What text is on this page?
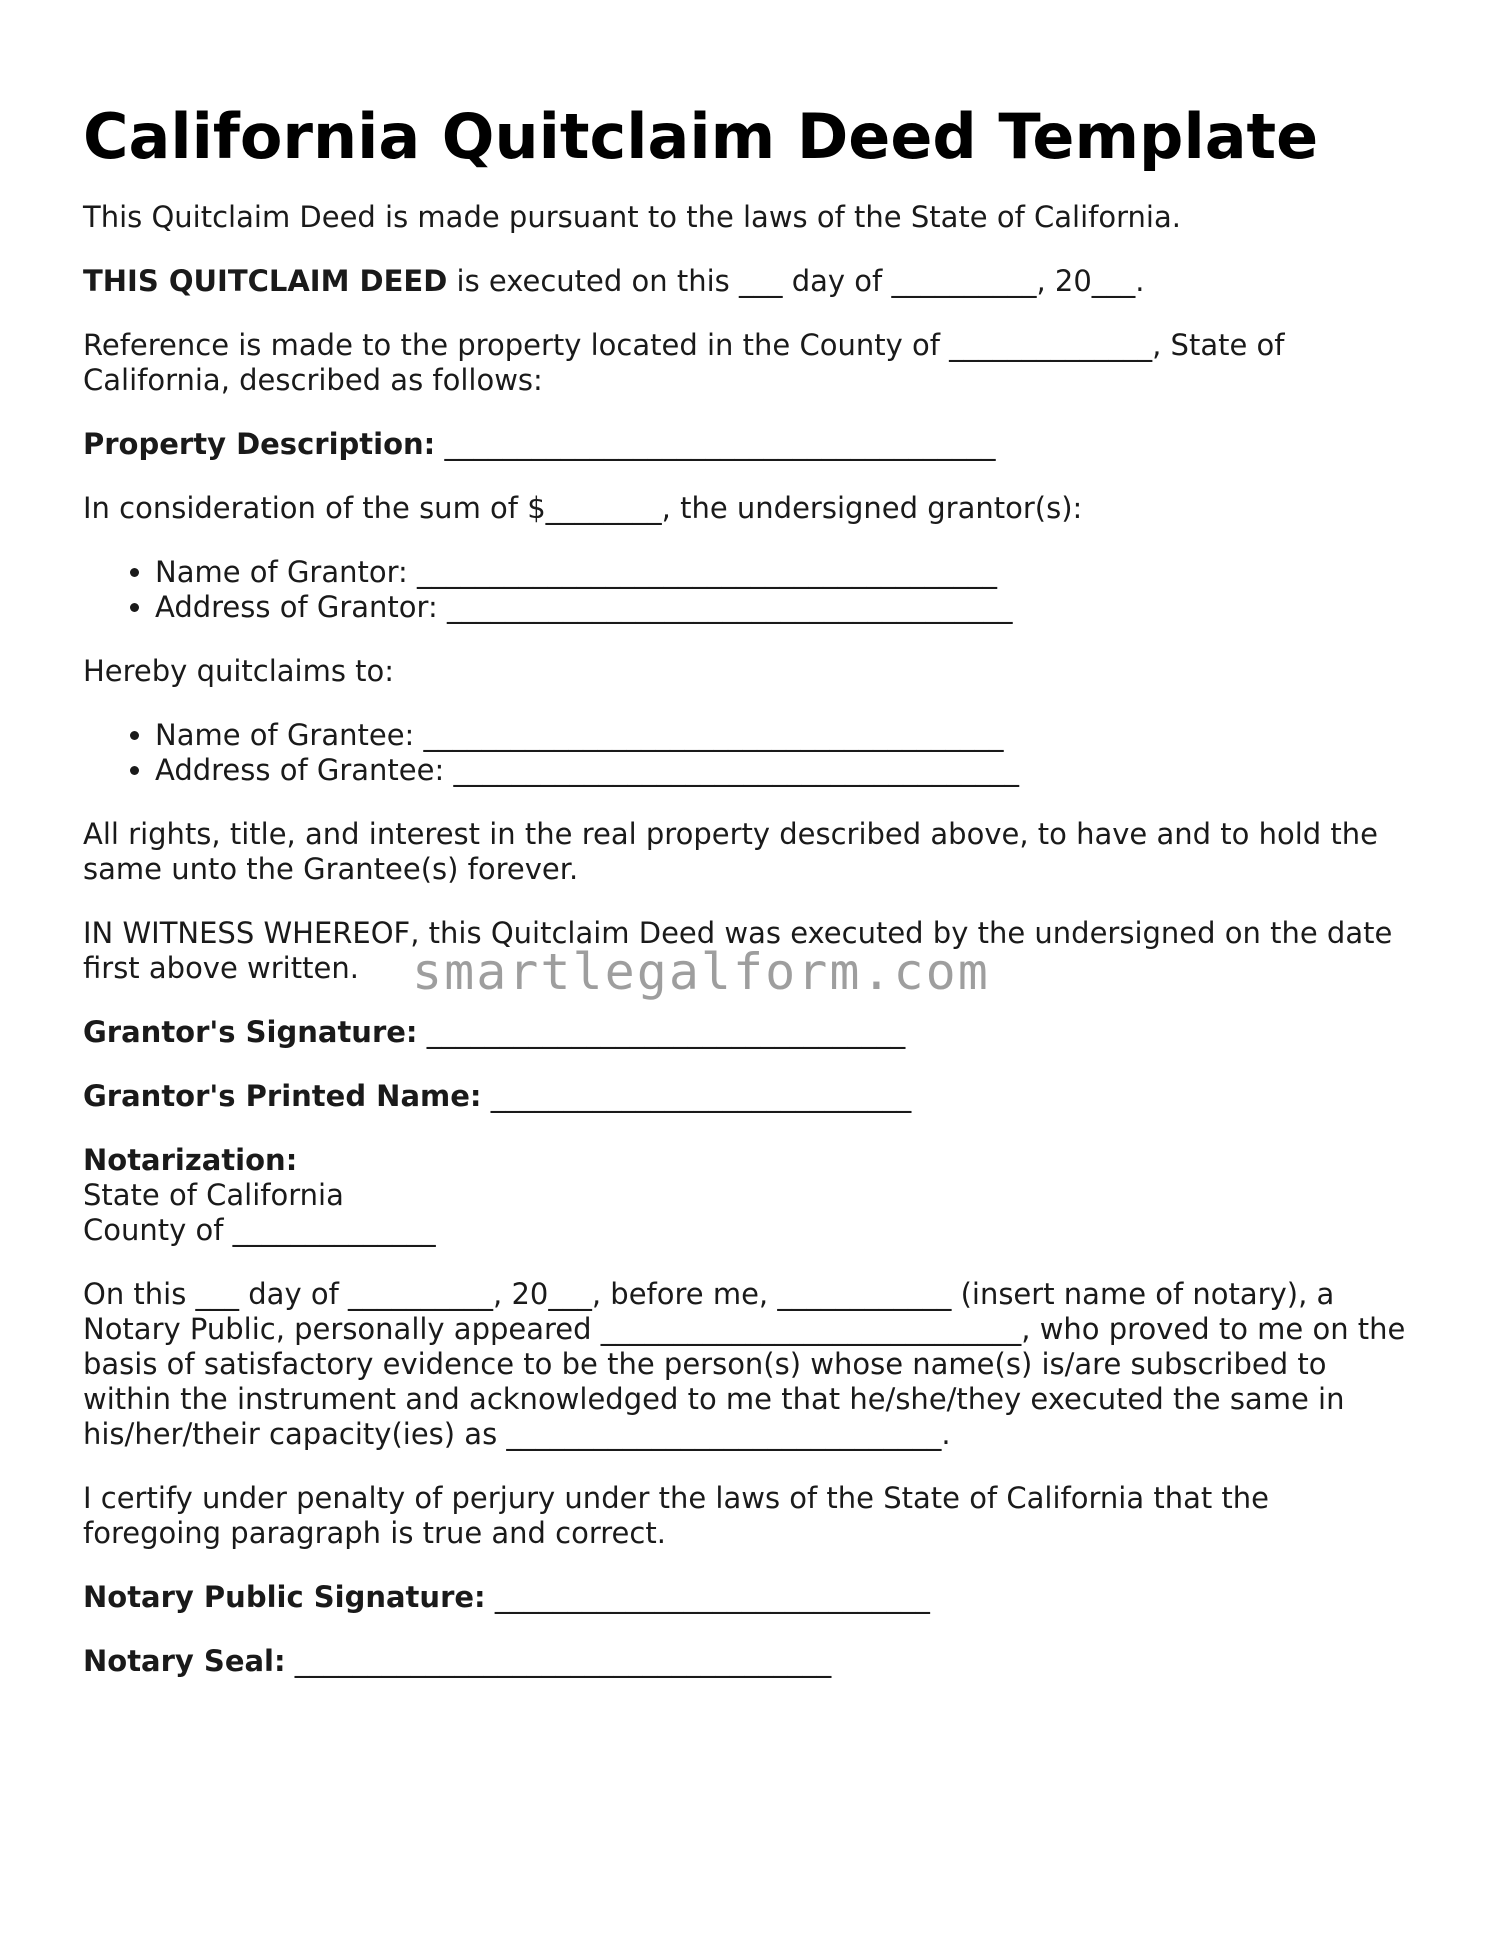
California Quitclaim Deed Template

This Quitclaim Deed is made pursuant to the laws of the State of California.

THIS QUITCLAIM DEED is executed on this ___ day of __________, 20___.

Reference is made to the property located in the County of ______________, State of California, described as follows:

Property Description: ______________________________________

In consideration of the sum of $________, the undersigned grantor(s):

• Name of Grantor: ________________________________________
• Address of Grantor: _______________________________________

Hereby quitclaims to:

• Name of Grantee: ________________________________________
• Address of Grantee: _______________________________________

All rights, title, and interest in the real property described above, to have and to hold the same unto the Grantee(s) forever.

IN WITNESS WHEREOF, this Quitclaim Deed was executed by the undersigned on the date first above written.

Grantor's Signature: _________________________________

Grantor's Printed Name: _____________________________

Notarization:
State of California
County of ______________

On this ___ day of __________, 20___, before me, ____________ (insert name of notary), a Notary Public, personally appeared _____________________________, who proved to me on the basis of satisfactory evidence to be the person(s) whose name(s) is/are subscribed to within the instrument and acknowledged to me that he/she/they executed the same in his/her/their capacity(ies) as ______________________________.

I certify under penalty of perjury under the laws of the State of California that the foregoing paragraph is true and correct.

Notary Public Signature: ______________________________

Notary Seal: _____________________________________

smartlegalform.com
